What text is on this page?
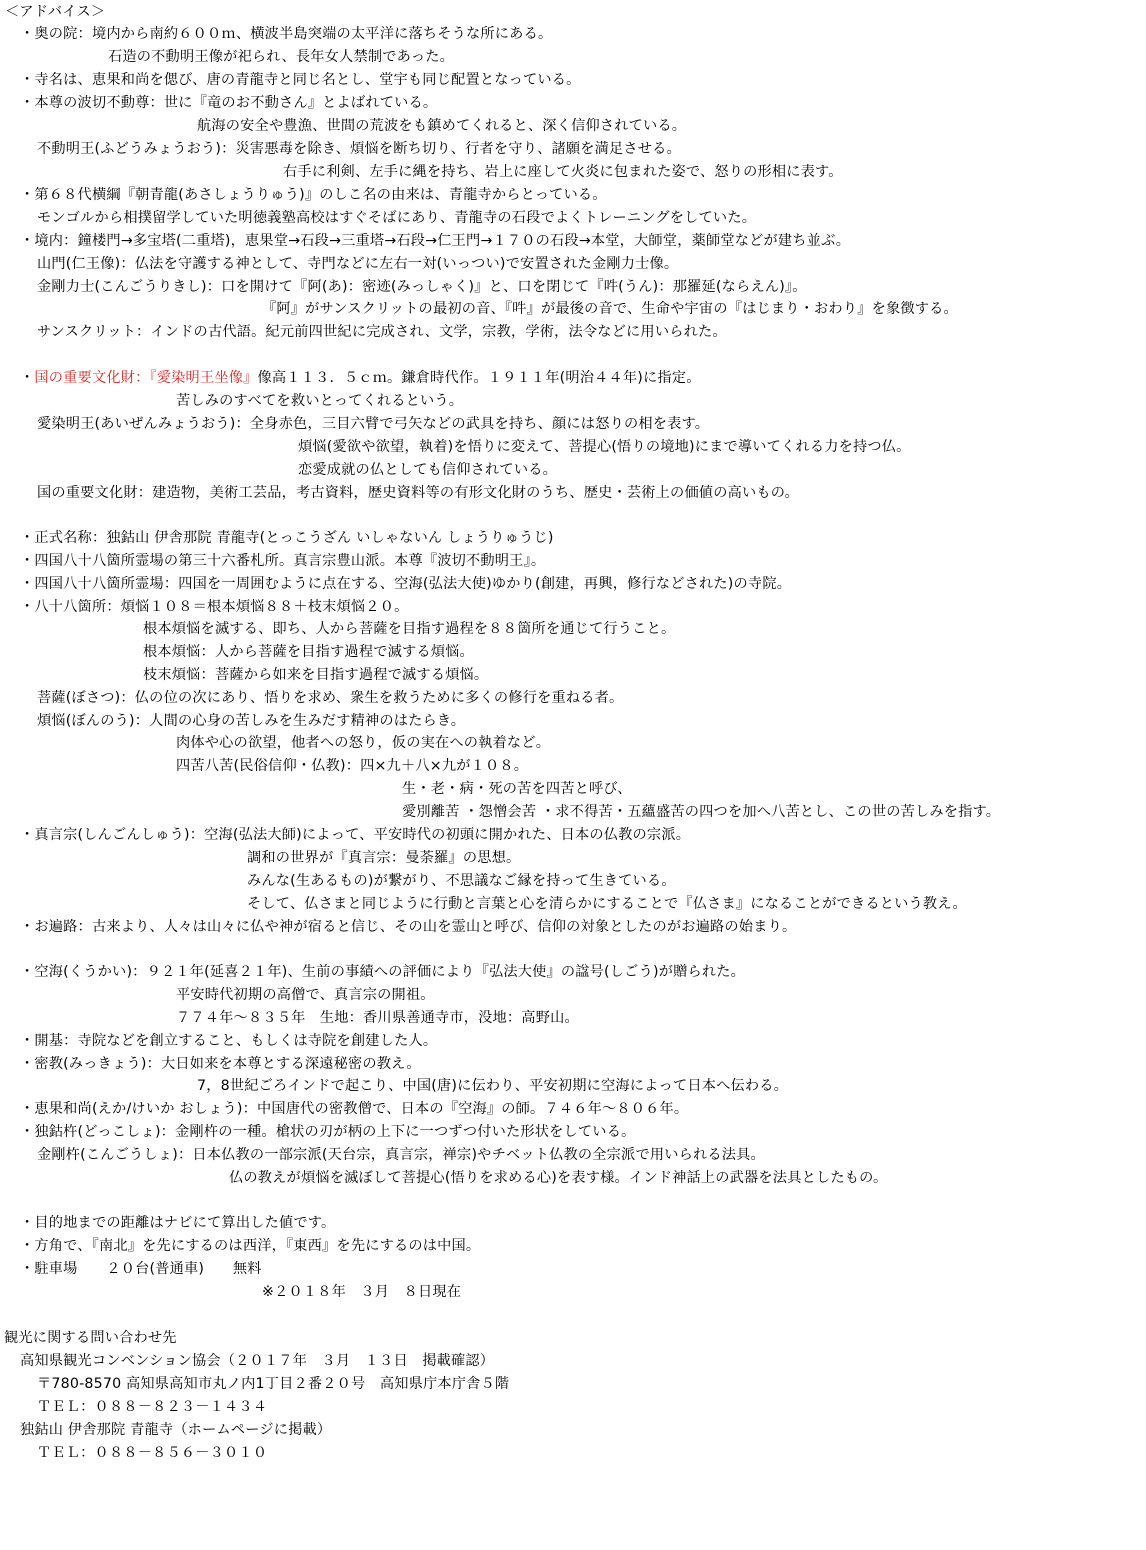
＜アドバイス＞
・奥の院：境内から南約６００ｍ、横波半島突端の太平洋に落ちそうな所にある。
石造の不動明王像が祀られ、長年女人禁制であった。
・寺名は、恵果和尚を偲び、唐の青龍寺と同じ名とし、堂宇も同じ配置となっている。
・本尊の波切不動尊：世に『竜のお不動さん』とよばれている。
航海の安全や豊漁、世間の荒波をも鎮めてくれると、深く信仰されている。
不動明王(ふどうみょうおう)：災害悪毒を除き、煩悩を断ち切り、行者を守り、諸願を満足させる。
右手に利剣、左手に縄を持ち、岩上に座して火炎に包まれた姿で、怒りの形相に表す。
・第６８代横綱『朝青龍(あさしょうりゅう)』のしこ名の由来は、青龍寺からとっている。
モンゴルから相撲留学していた明徳義塾高校はすぐそばにあり、青龍寺の石段でよくトレーニングをしていた。
・境内：鐘楼門→多宝塔(二重塔)，恵果堂→石段→三重塔→石段→仁王門→１７０の石段→本堂，大師堂，薬師堂などが建ち並ぶ。
山門(仁王像)：仏法を守護する神として、寺門などに左右一対(いっつい)で安置された金剛力士像。
金剛力士(こんごうりきし)：口を開けて『阿(あ)：密迹(みっしゃく)』と、口を閉じて『吽(うん)：那羅延(ならえん)』。
『阿』がサンスクリットの最初の音、『吽』が最後の音で、生命や宇宙の『はじまり・おわり』を象徴する。
サンスクリット：インドの古代語。紀元前四世紀に完成され、文学，宗教，学術，法令などに用いられた。
・国の重要文化財：『愛染明王坐像』像高１１３．５ｃｍ。鎌倉時代作。１９１１年(明治４４年)に指定。
苦しみのすべてを救いとってくれるという。
愛染明王(あいぜんみょうおう)：全身赤色，三目六臂で弓矢などの武具を持ち、顔には怒りの相を表す。
煩悩(愛欲や欲望，執着)を悟りに変えて、菩提心(悟りの境地)にまで導いてくれる力を持つ仏。
恋愛成就の仏としても信仰されている。
国の重要文化財：建造物，美術工芸品，考古資料，歴史資料等の有形文化財のうち、歴史・芸術上の価値の高いもの。
・正式名称：独鈷山 伊舎那院 青龍寺(とっこうざん いしゃないん しょうりゅうじ)
・四国八十八箇所霊場の第三十六番札所。真言宗豊山派。本尊『波切不動明王』。
・四国八十八箇所霊場：四国を一周囲むように点在する、空海(弘法大使)ゆかり(創建，再興，修行などされた)の寺院。
・八十八箇所：煩悩１０８＝根本煩悩８８＋枝末煩悩２０。
根本煩悩を滅する、即ち、人から菩薩を目指す過程を８８箇所を通じて行うこと。
根本煩悩：人から菩薩を目指す過程で滅する煩悩。
枝末煩悩：菩薩から如来を目指す過程で滅する煩悩。
菩薩(ぼさつ)：仏の位の次にあり、悟りを求め、衆生を救うために多くの修行を重ねる者。
煩悩(ぼんのう)：人間の心身の苦しみを生みだす精神のはたらき。
肉体や心の欲望，他者への怒り，仮の実在への執着など。
四苦八苦(民俗信仰・仏教)：四×九＋八×九が１０８。
生・老・病・死の苦を四苦と呼び、
愛別離苦 ・怨憎会苦 ・求不得苦・五蘊盛苦の四つを加へ八苦とし、この世の苦しみを指す。
・真言宗(しんごんしゅう)：空海(弘法大師)によって、平安時代の初頭に開かれた、日本の仏教の宗派。
調和の世界が『真言宗：曼荼羅』の思想。
みんな(生あるもの)が繋がり、不思議なご縁を持って生きている。
そして、仏さまと同じように行動と言葉と心を清らかにすることで『仏さま』になることができるという教え。
・お遍路：古来より、人々は山々に仏や神が宿ると信じ、その山を霊山と呼び、信仰の対象としたのがお遍路の始まり。
・空海(くうかい)：９２１年(延喜２１年)、生前の事績への評価により『弘法大使』の諡号(しごう)が贈られた。
平安時代初期の高僧で、真言宗の開祖。
７７４年～８３５年　生地：香川県善通寺市，没地：高野山。
・開基：寺院などを創立すること、もしくは寺院を創建した人。
・密教(みっきょう)：大日如来を本尊とする深遠秘密の教え。
7，8世紀ごろインドで起こり、中国(唐)に伝わり、平安初期に空海によって日本へ伝わる。
・恵果和尚(えか/けいか おしょう)：中国唐代の密教僧で、日本の『空海』の師。７４６年～８０６年。
・独鈷杵(どっこしょ)：金剛杵の一種。槍状の刃が柄の上下に一つずつ付いた形状をしている。
金剛杵(こんごうしょ)：日本仏教の一部宗派(天台宗，真言宗，禅宗)やチベット仏教の全宗派で用いられる法具。
仏の教えが煩悩を滅ぼして菩提心(悟りを求める心)を表す様。インド神話上の武器を法具としたもの。
・目的地までの距離はナビにて算出した値です。
・方角で、『南北』を先にするのは西洋，『東西』を先にするのは中国。
・駐車場　　２０台(普通車)　　無料
※２０１８年　３月　８日現在
観光に関する問い合わせ先
高知県観光コンベンション協会（２０１７年　３月　１３日　掲載確認）
〒780-8570 高知県高知市丸ノ内1丁目２番２０号　高知県庁本庁舎５階
ＴＥＬ：０８８－８２３－１４３４
独鈷山 伊舎那院 青龍寺（ホームページに掲載）
ＴＥＬ：０８８－８５６－３０１０
